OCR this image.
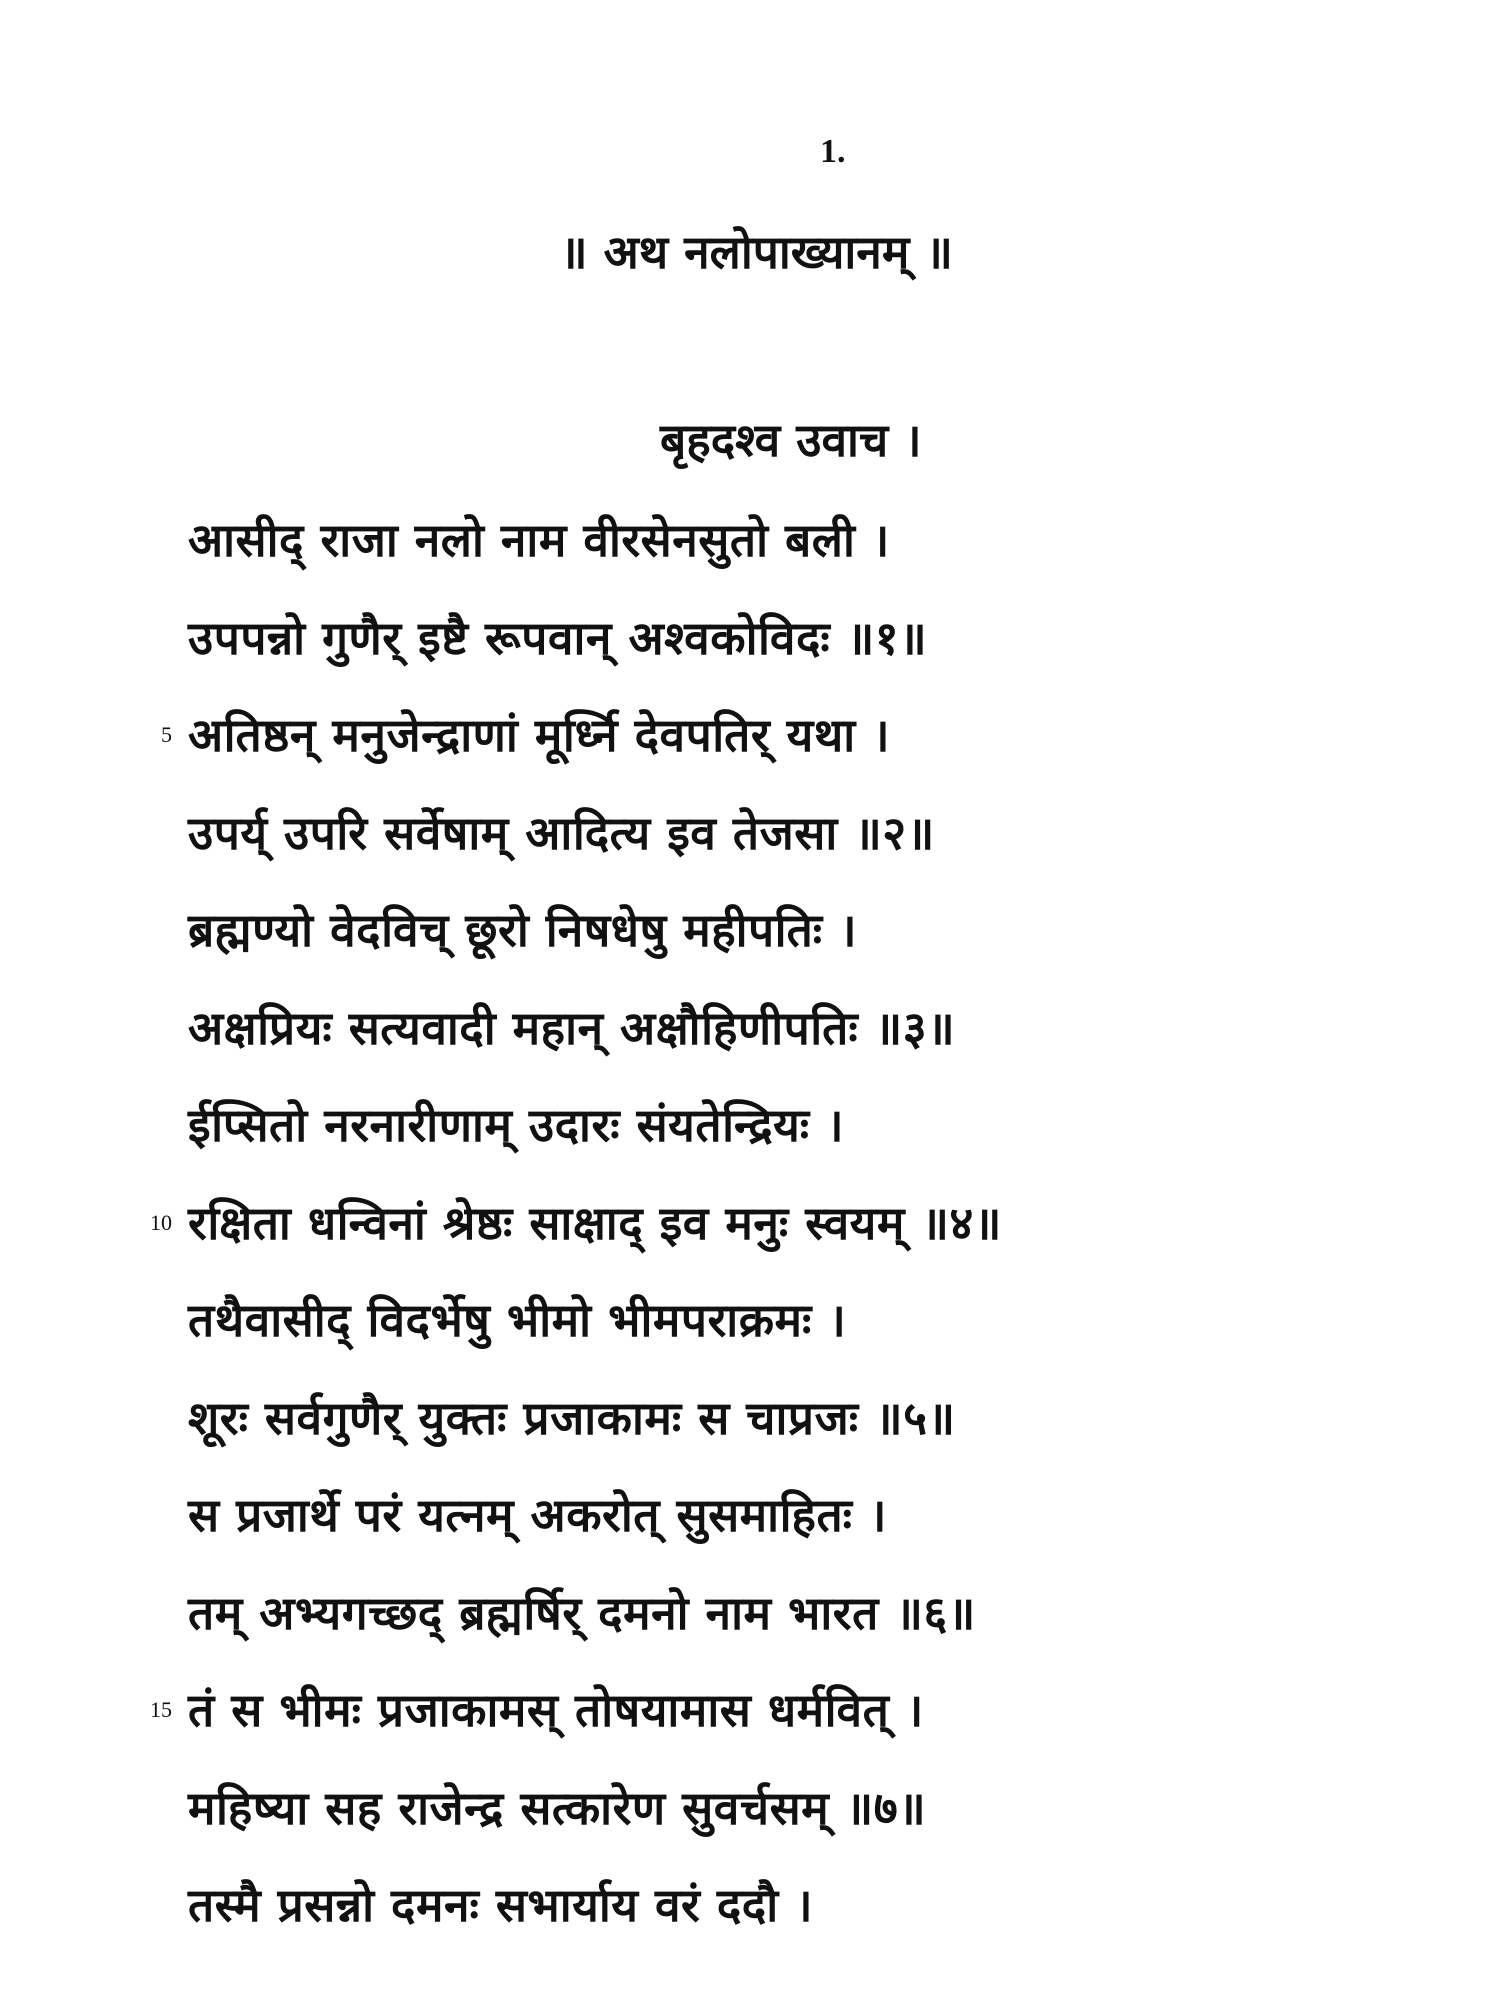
1.
॥ अथ नलोपाख्यानम् ॥
बृहदश्व उवाच ।
आसीद् राजा नलो नाम वीरसेनसुतो बली ।
उपपन्नो गुणैर् इष्टै रूपवान् अश्वकोविदः ॥१॥
5 अतिष्ठन् मनुजेन्द्राणां मूर्ध्नि देवपतिर् यथा ।
उपर्य् उपरि सर्वेषाम् आदित्य इव तेजसा ॥२॥
ब्रह्मण्यो वेदविच् छूरो निषधेषु महीपतिः ।
अक्षप्रियः सत्यवादी महान् अक्षौहिणीपतिः ॥३॥
ईप्सितो नरनारीणाम् उदारः संयतेन्द्रियः ।
10 रक्षिता धन्विनां श्रेष्ठः साक्षाद् इव मनुः स्वयम् ॥४॥
तथैवासीद् विदर्भेषु भीमो भीमपराक्रमः ।
शूरः सर्वगुणैर् युक्तः प्रजाकामः स चाप्रजः ॥५॥
स प्रजार्थे परं यत्नम् अकरोत् सुसमाहितः ।
तम् अभ्यगच्छद् ब्रह्मर्षिर् दमनो नाम भारत ॥६॥
15 तं स भीमः प्रजाकामस् तोषयामास धर्मवित् ।
महिष्या सह राजेन्द्र सत्कारेण सुवर्चसम् ॥७॥
तस्मै प्रसन्नो दमनः सभार्याय वरं ददौ ।
